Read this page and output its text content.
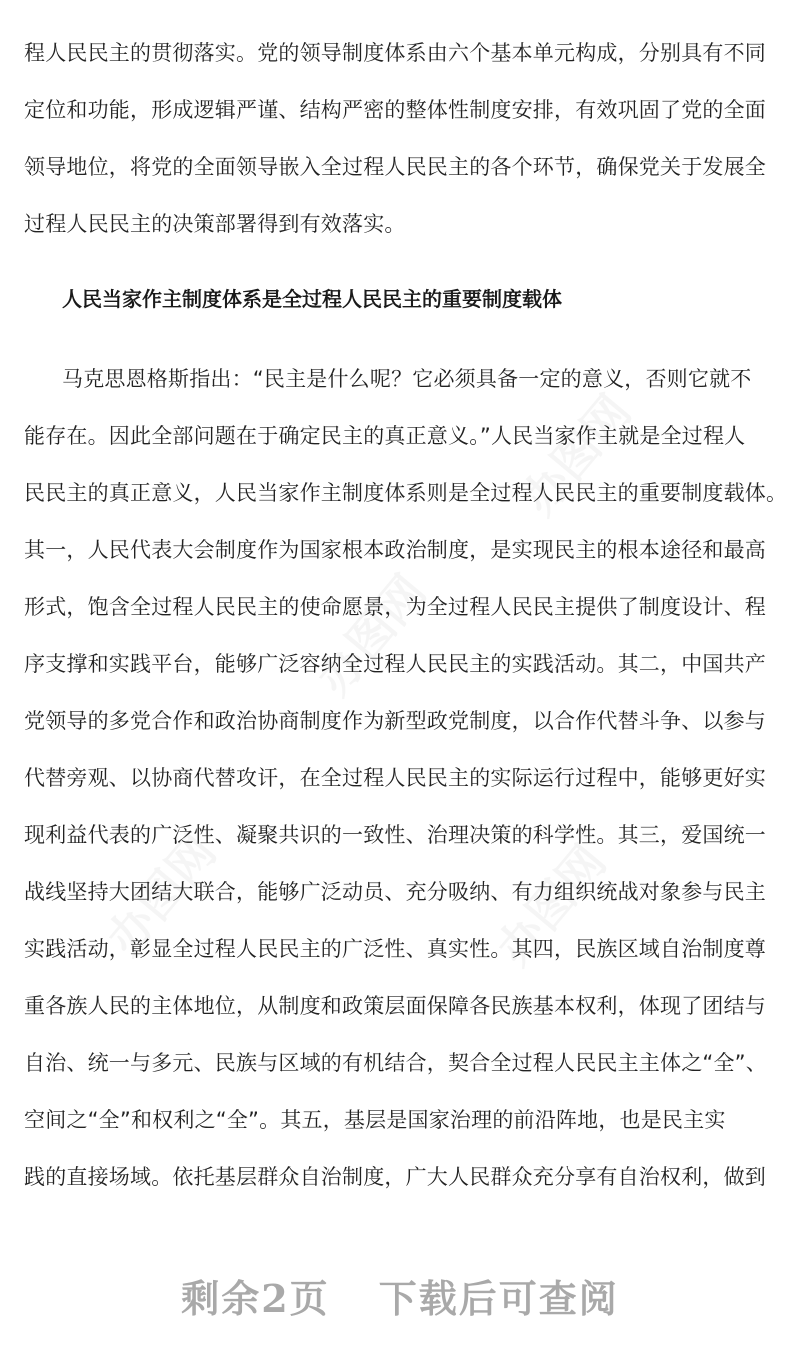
程人民民主的贯彻落实。党的领导制度体系由六个基本单元构成，分别具有不同
定位和功能，形成逻辑严谨、结构严密的整体性制度安排，有效巩固了党的全面
领导地位，将党的全面领导嵌入全过程人民民主的各个环节，确保党关于发展全
过程人民民主的决策部署得到有效落实。
人民当家作主制度体系是全过程人民民主的重要制度载体
马克思恩格斯指出：“民主是什么呢？它必须具备一定的意义，否则它就不
能存在。因此全部问题在于确定民主的真正意义。”人民当家作主就是全过程人
民民主的真正意义，人民当家作主制度体系则是全过程人民民主的重要制度载体。
其一，人民代表大会制度作为国家根本政治制度，是实现民主的根本途径和最高
形式，饱含全过程人民民主的使命愿景，为全过程人民民主提供了制度设计、程
序支撑和实践平台，能够广泛容纳全过程人民民主的实践活动。其二，中国共产
党领导的多党合作和政治协商制度作为新型政党制度，以合作代替斗争、以参与
代替旁观、以协商代替攻讦，在全过程人民民主的实际运行过程中，能够更好实
现利益代表的广泛性、凝聚共识的一致性、治理决策的科学性。其三，爱国统一
战线坚持大团结大联合，能够广泛动员、充分吸纳、有力组织统战对象参与民主
实践活动，彰显全过程人民民主的广泛性、真实性。其四，民族区域自治制度尊
重各族人民的主体地位，从制度和政策层面保障各民族基本权利，体现了团结与
自治、统一与多元、民族与区域的有机结合，契合全过程人民民主主体之“全”、
空间之“全”和权利之“全”。其五，基层是国家治理的前沿阵地，也是民主实
践的直接场域。依托基层群众自治制度，广大人民群众充分享有自治权利，做到
剩余2页 下载后可查阅
